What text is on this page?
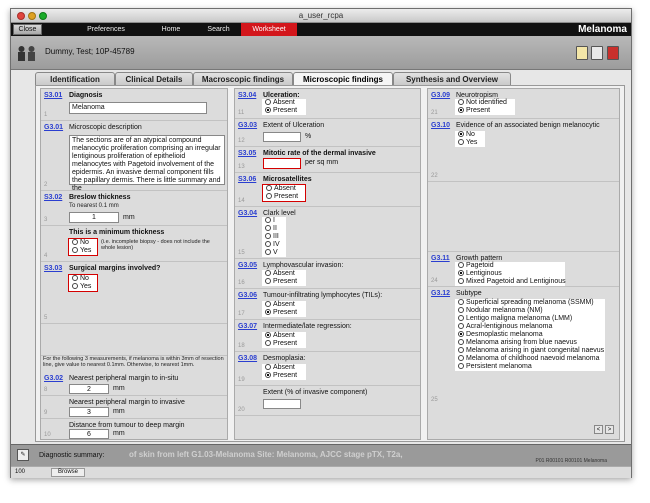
a_user_rcpa
Close	Preferences	Home	Search	Worksheet	Melanoma
Dummy, Test; 10P-45789
Identification	Clinical Details	Macroscopic findings	Microscopic findings	Synthesis and Overview
S3.01 Diagnosis
Melanoma
1
G3.01 Microscopic description
The sections are of an atypical compound melanocytic proliferation comprising an irregular lentiginous proliferation of epithelioid melanocytes with Pagetoid involvement of the epidermis. An invasive dermal component fills the papillary dermis. There is little summary and the
2
S3.02 Breslow thickness
To nearest 0.1 mm
1	mm
3
This is a minimum thickness
No
Yes
(i.e. incomplete biopsy - does not include the whole lesion)
4
S3.03 Surgical margins involved?
No
Yes
5
For the following 3 measurements, if melanoma is within 3mm of resection line, give value to nearest 0.1mm. Otherwise, to nearest 1mm.
G3.02 Nearest peripheral margin to in-situ
2	mm
8
Nearest peripheral margin to invasive
3	mm
9
Distance from tumour to deep margin
6	mm
10
S3.04 Ulceration:
Absent
Present
11
G3.03 Extent of Ulceration
%
12
S3.05 Mitotic rate of the dermal invasive
per sq mm
13
S3.06 Microsatellites
Absent
Present
14
G3.04 Clark level
I
II
III
IV
V
15
G3.05 Lymphovascular invasion:
Absent
Present
16
G3.06 Tumour-infiltrating lymphocytes (TILs):
Absent
Present
17
G3.07 Intermediate/late regression:
Absent
Present
18
G3.08 Desmoplasia:
Absent
Present
19
Extent (% of invasive component)
20
G3.09 Neurotropism
Not identified
Present
21
G3.10 Evidence of an associated benign melanocytic
No
Yes
22
G3.11 Growth pattern
Pagetoid
Lentiginous
Mixed Pagetoid and Lentiginous
24
G3.12 Subtype
Superficial spreading melanoma (SSMM)
Nodular melanoma (NM)
Lentigo maligna melanoma (LMM)
Acral-lentiginous melanoma
Desmoplastic melanoma
Melanoma arising from blue naevus
Melanoma arising in giant congenital naevus
Melanoma of childhood naevoid melanoma
Persistent melanoma
25
<	>
✎	Diagnostic summary:	of skin from left G1.03-Melanoma Site: Melanoma, AJCC stage pTX, T2a,
P01 R00101 R00101 Melanoma
100	Browse
